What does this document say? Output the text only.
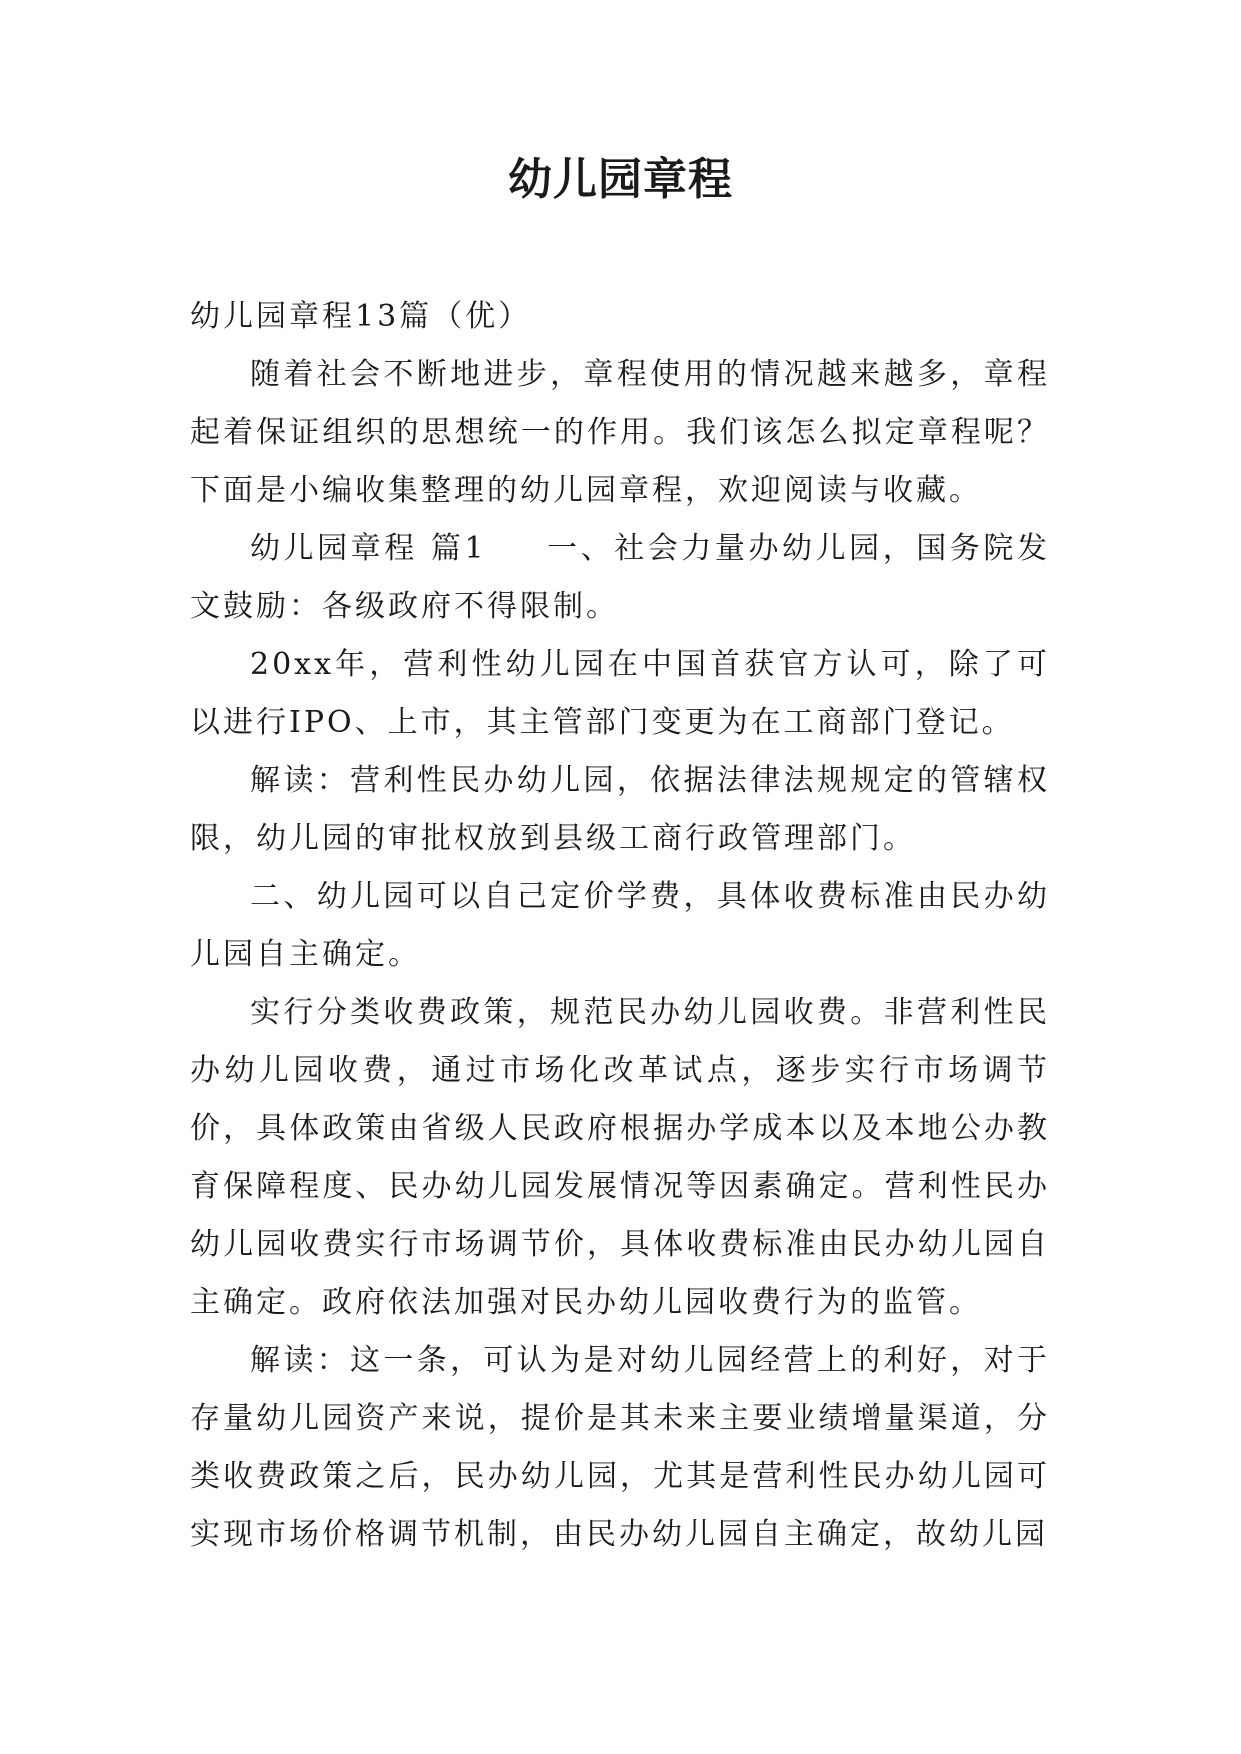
幼儿园章程

幼儿园章程13篇（优）

随着社会不断地进步，章程使用的情况越来越多，章程起着保证组织的思想统一的作用。我们该怎么拟定章程呢？下面是小编收集整理的幼儿园章程，欢迎阅读与收藏。

幼儿园章程 篇1 一、社会力量办幼儿园，国务院发文鼓励：各级政府不得限制。

20xx年，营利性幼儿园在中国首获官方认可，除了可以进行IPO、上市，其主管部门变更为在工商部门登记。

解读：营利性民办幼儿园，依据法律法规规定的管辖权限，幼儿园的审批权放到县级工商行政管理部门。

二、幼儿园可以自己定价学费，具体收费标准由民办幼儿园自主确定。

实行分类收费政策，规范民办幼儿园收费。非营利性民办幼儿园收费，通过市场化改革试点，逐步实行市场调节价，具体政策由省级人民政府根据办学成本以及本地公办教育保障程度、民办幼儿园发展情况等因素确定。营利性民办幼儿园收费实行市场调节价，具体收费标准由民办幼儿园自主确定。政府依法加强对民办幼儿园收费行为的监管。

解读：这一条，可认为是对幼儿园经营上的利好，对于存量幼儿园资产来说，提价是其未来主要业绩增量渠道，分类收费政策之后，民办幼儿园，尤其是营利性民办幼儿园可实现市场价格调节机制，由民办幼儿园自主确定，故幼儿园
